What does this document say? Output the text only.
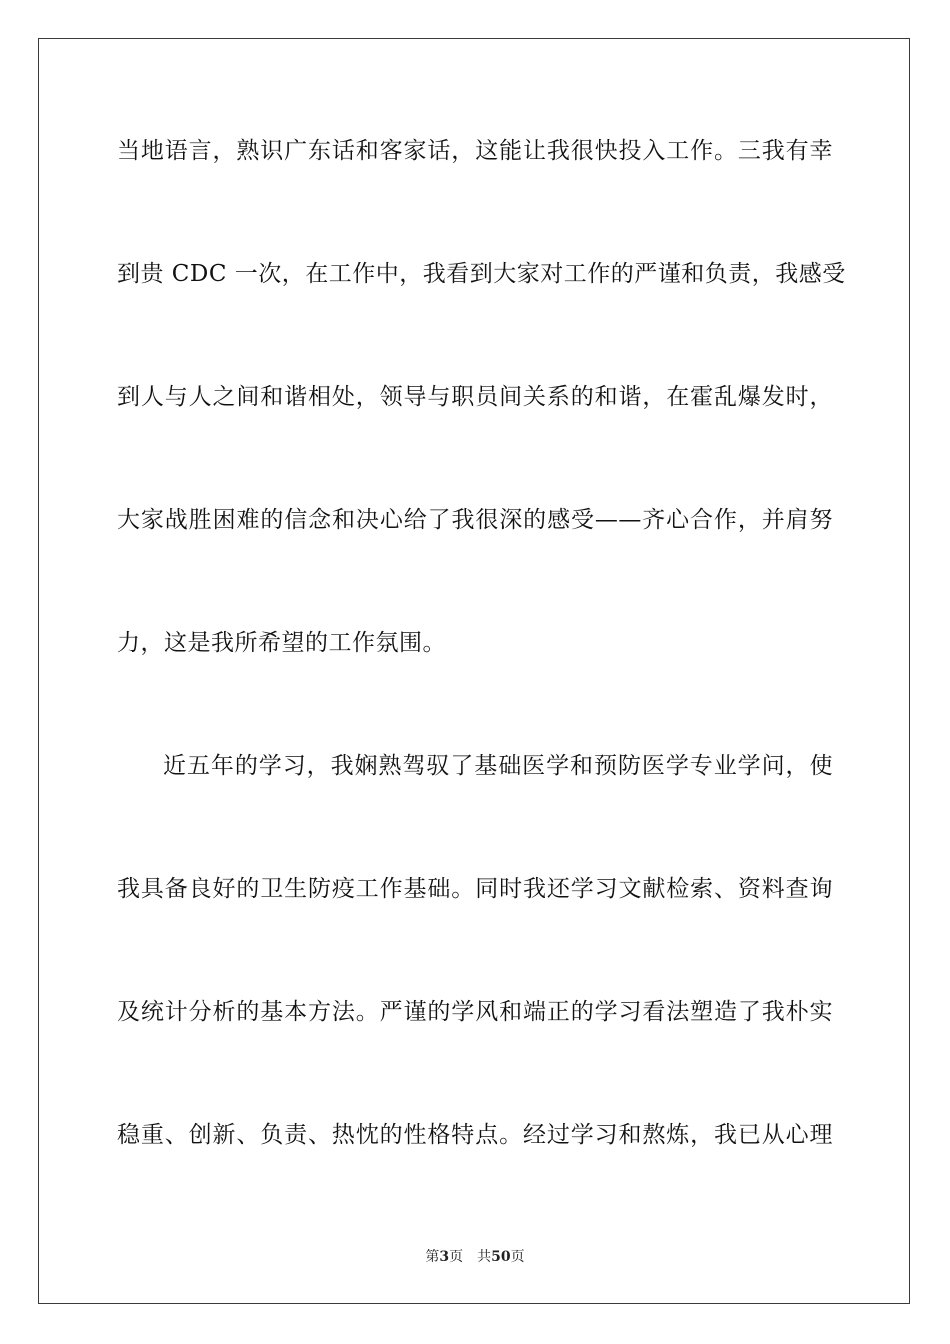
当地语言，熟识广东话和客家话，这能让我很快投入工作。三我有幸
到贵 CDC 一次，在工作中，我看到大家对工作的严谨和负责，我感受
到人与人之间和谐相处，领导与职员间关系的和谐，在霍乱爆发时，
大家战胜困难的信念和决心给了我很深的感受——齐心合作，并肩努
力，这是我所希望的工作氛围。
近五年的学习，我娴熟驾驭了基础医学和预防医学专业学问，使
我具备良好的卫生防疫工作基础。同时我还学习文献检索、资料查询
及统计分析的基本方法。严谨的学风和端正的学习看法塑造了我朴实
稳重、创新、负责、热忱的性格特点。经过学习和熬炼，我已从心理
第3页 共50页
